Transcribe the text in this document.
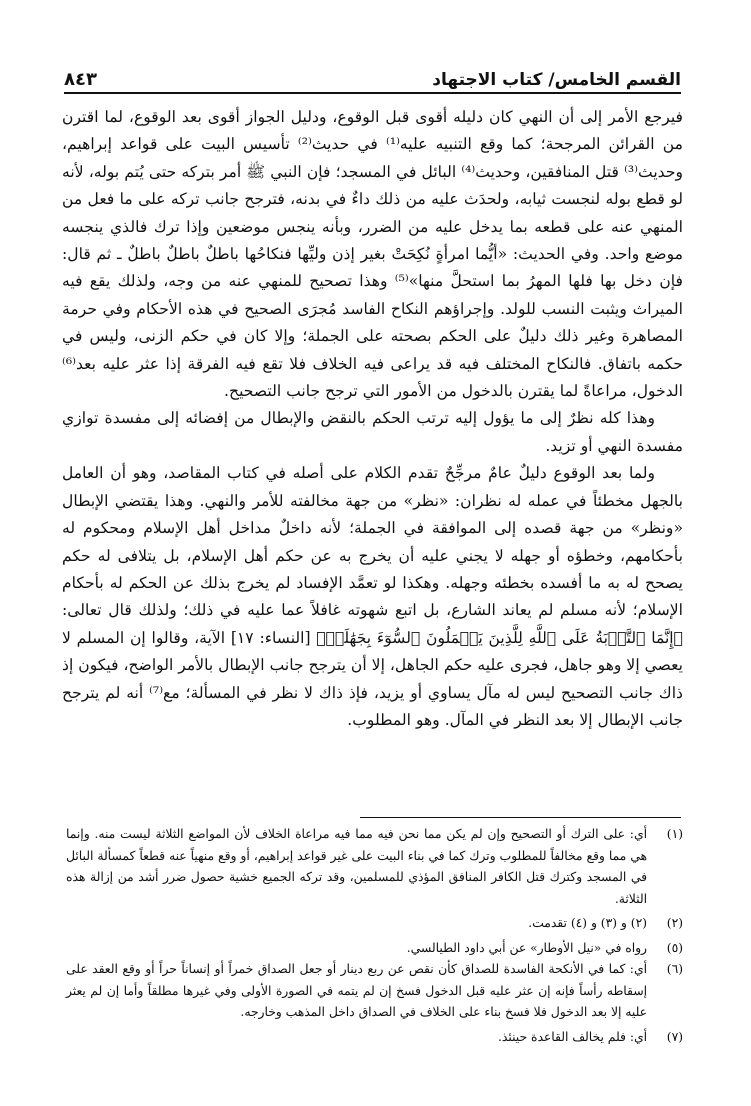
القسم الخامس/ كتاب الاجتهاد
٨٤٣

فيرجع الأمر إلى أن النهي كان دليله أقوى قبل الوقوع، ودليل الجواز أقوى بعد الوقوع، لما اقترن من القرائن المرجحة؛ كما وقع التنبيه عليه⁽¹⁾ في حديث⁽²⁾ تأسيس البيت على قواعد إبراهيم، وحديث⁽³⁾ قتل المنافقين، وحديث⁽⁴⁾ البائل في المسجد؛ فإن النبي ﷺ أمر بتركه حتى يُتم بوله، لأنه لو قطع بوله لنجست ثيابه، ولحدَث عليه من ذلك داءٌ في بدنه، فترجح جانب تركه على ما فعل من المنهي عنه على قطعه بما يدخل عليه من الضرر، وبأنه ينجس موضعين وإذا ترك فالذي ينجسه موضع واحد. وفي الحديث: «أيُّما امرأةٍ نُكِحَتْ بغير إذن وليِّها فنكاحُها باطلٌ باطلٌ باطلٌ ـ ثم قال: فإن دخل بها فلها المهرُ بما استحلَّ منها»⁽⁵⁾ وهذا تصحيح للمنهي عنه من وجه، ولذلك يقع فيه الميراث ويثبت النسب للولد. وإجراؤهم النكاح الفاسد مُجرَى الصحيح في هذه الأحكام وفي حرمة المصاهرة وغير ذلك دليلٌ على الحكم بصحته على الجملة؛ وإلا كان في حكم الزنى، وليس في حكمه باتفاق. فالنكاح المختلف فيه قد يراعى فيه الخلاف فلا تقع فيه الفرقة إذا عثر عليه بعد⁽⁶⁾ الدخول، مراعاةً لما يقترن بالدخول من الأمور التي ترجح جانب التصحيح.

وهذا كله نظرٌ إلى ما يؤول إليه ترتب الحكم بالنقض والإبطال من إفضائه إلى مفسدة توازي مفسدة النهي أو تزيد.

ولما بعد الوقوع دليلٌ عامٌ مرجِّحٌ تقدم الكلام على أصله في كتاب المقاصد، وهو أن العامل بالجهل مخطئاً في عمله له نظران: «نظر» من جهة مخالفته للأمر والنهي. وهذا يقتضي الإبطال «ونظر» من جهة قصده إلى الموافقة في الجملة؛ لأنه داخلٌ مداخل أهل الإسلام ومحكوم له بأحكامهم، وخطؤه أو جهله لا يجني عليه أن يخرج به عن حكم أهل الإسلام، بل يتلافى له حكم يصحح له به ما أفسده بخطئه وجهله. وهكذا لو تعمَّد الإفساد لم يخرج بذلك عن الحكم له بأحكام الإسلام؛ لأنه مسلم لم يعاند الشارع، بل اتبع شهوته غافلاً عما عليه في ذلك؛ ولذلك قال تعالى: ﴿إِنَّمَا ٱلتَّوۡبَةُ عَلَى ٱللَّهِ لِلَّذِينَ يَعۡمَلُونَ ٱلسُّوٓءَ بِجَهَٰلَةٖ﴾ [النساء: ١٧] الآية، وقالوا إن المسلم لا يعصي إلا وهو جاهل، فجرى عليه حكم الجاهل، إلا أن يترجح جانب الإبطال بالأمر الواضح، فيكون إذ ذاك جانب التصحيح ليس له مآل يساوي أو يزيد، فإذ ذاك لا نظر في المسألة؛ مع⁽⁷⁾ أنه لم يترجح جانب الإبطال إلا بعد النظر في المآل. وهو المطلوب.

(١)
أي: على الترك أو التصحيح وإن لم يكن مما نحن فيه مما فيه مراعاة الخلاف لأن المواضع الثلاثة ليست منه. وإنما هي مما وقع مخالفاً للمطلوب وترك كما في بناء البيت على غير قواعد إبراهيم، أو وقع منهياً عنه قطعاً كمسألة البائل في المسجد وكترك قتل الكافر المنافق المؤذي للمسلمين، وقد تركه الجميع خشية حصول ضرر أشد من إزالة هذه الثلاثة.
(٢)
(٢) و (٣) و (٤) تقدمت.
(٥)
رواه في «نيل الأوطار» عن أبي داود الطيالسي.
(٦)
أي: كما في الأنكحة الفاسدة للصداق كأن نقص عن ربع دينار أو جعل الصداق خمراً أو إنساناً حراً أو وقع العقد على إسقاطه رأساً فإنه إن عثر عليه قبل الدخول فسخ إن لم يتمه في الصورة الأولى وفي غيرها مطلقاً وأما إن لم يعثر عليه إلا بعد الدخول فلا فسخ بناء على الخلاف في الصداق داخل المذهب وخارجه.
(٧)
أي: فلم يخالف القاعدة حينئذ.
